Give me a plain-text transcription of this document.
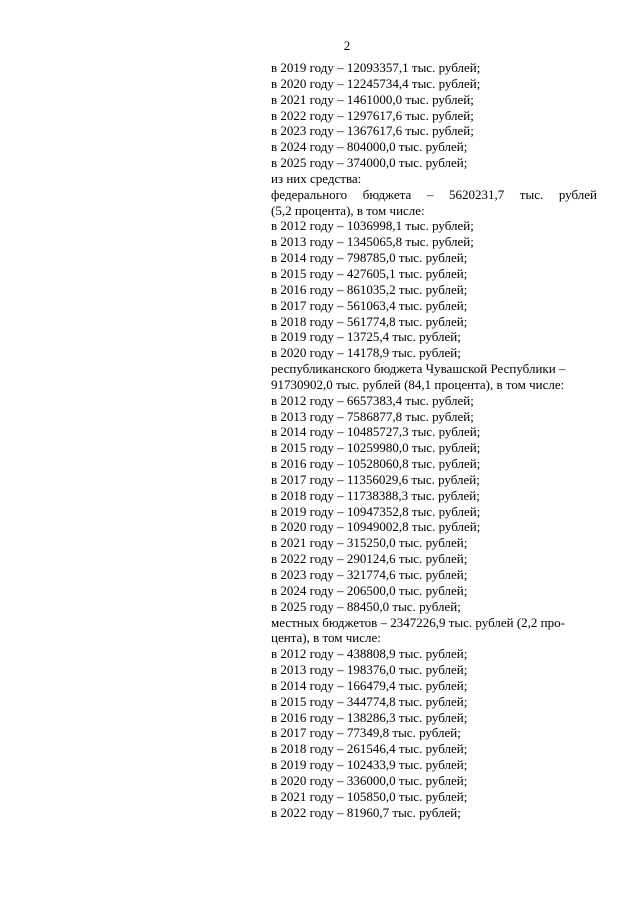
2
в 2019 году – 12093357,1 тыс. рублей;
в 2020 году – 12245734,4 тыс. рублей;
в 2021 году – 1461000,0 тыс. рублей;
в 2022 году – 1297617,6 тыс. рублей;
в 2023 году – 1367617,6 тыс. рублей;
в 2024 году – 804000,0 тыс. рублей;
в 2025 году – 374000,0 тыс. рублей;
из них средства:
федерального бюджета – 5620231,7 тыс. рублей
(5,2 процента), в том числе:
в 2012 году – 1036998,1 тыс. рублей;
в 2013 году – 1345065,8 тыс. рублей;
в 2014 году – 798785,0 тыс. рублей;
в 2015 году – 427605,1 тыс. рублей;
в 2016 году – 861035,2 тыс. рублей;
в 2017 году – 561063,4 тыс. рублей;
в 2018 году – 561774,8 тыс. рублей;
в 2019 году – 13725,4 тыс. рублей;
в 2020 году – 14178,9 тыс. рублей;
республиканского бюджета Чувашской Республики –
91730902,0 тыс. рублей (84,1 процента), в том числе:
в 2012 году – 6657383,4 тыс. рублей;
в 2013 году – 7586877,8 тыс. рублей;
в 2014 году – 10485727,3 тыс. рублей;
в 2015 году – 10259980,0 тыс. рублей;
в 2016 году – 10528060,8 тыс. рублей;
в 2017 году – 11356029,6 тыс. рублей;
в 2018 году – 11738388,3 тыс. рублей;
в 2019 году – 10947352,8 тыс. рублей;
в 2020 году – 10949002,8 тыс. рублей;
в 2021 году – 315250,0 тыс. рублей;
в 2022 году – 290124,6 тыс. рублей;
в 2023 году – 321774,6 тыс. рублей;
в 2024 году – 206500,0 тыс. рублей;
в 2025 году – 88450,0 тыс. рублей;
местных бюджетов – 2347226,9 тыс. рублей (2,2 про-
цента), в том числе:
в 2012 году – 438808,9 тыс. рублей;
в 2013 году – 198376,0 тыс. рублей;
в 2014 году – 166479,4 тыс. рублей;
в 2015 году – 344774,8 тыс. рублей;
в 2016 году – 138286,3 тыс. рублей;
в 2017 году – 77349,8 тыс. рублей;
в 2018 году – 261546,4 тыс. рублей;
в 2019 году – 102433,9 тыс. рублей;
в 2020 году – 336000,0 тыс. рублей;
в 2021 году – 105850,0 тыс. рублей;
в 2022 году – 81960,7 тыс. рублей;
